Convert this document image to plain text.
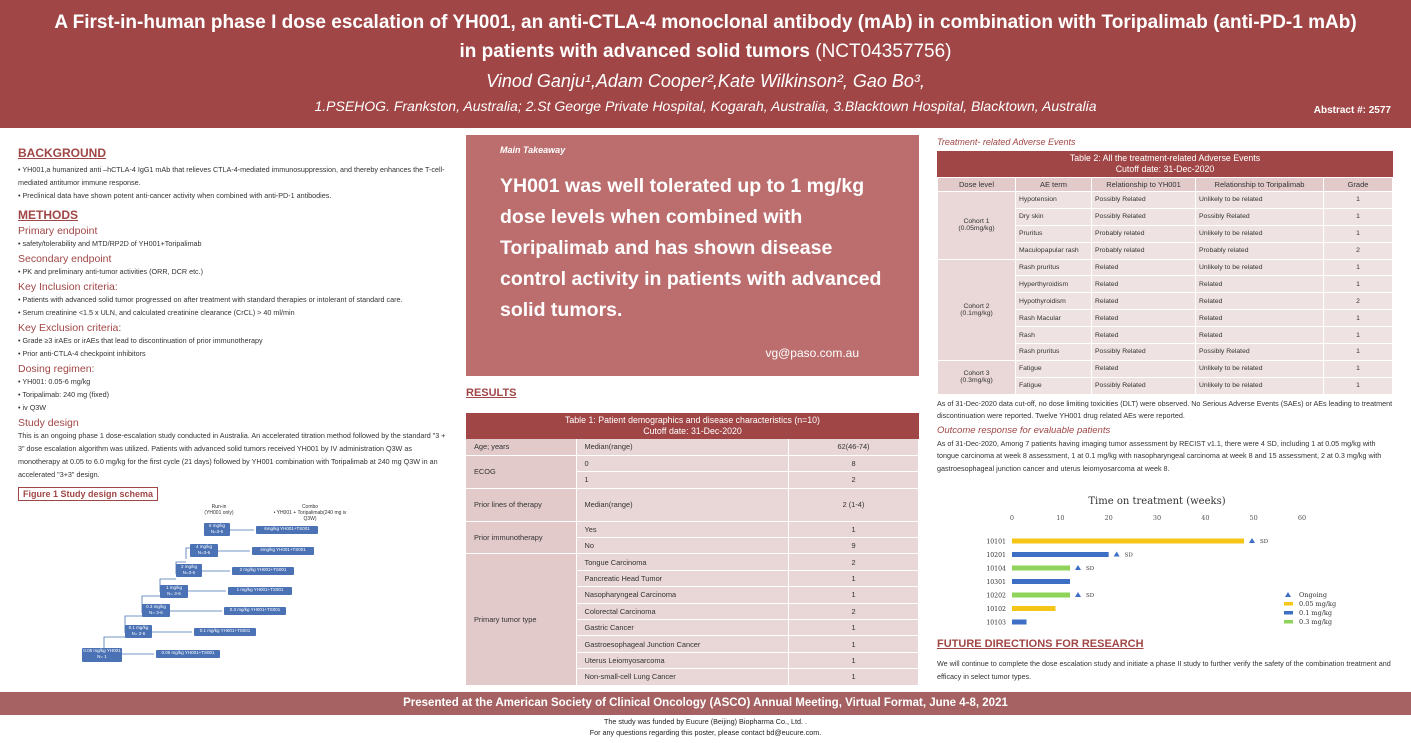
A First-in-human phase I dose escalation of YH001, an anti-CTLA-4 monoclonal antibody (mAb) in combination with Toripalimab (anti-PD-1 mAb)
in patients with advanced solid tumors (NCT04357756)
Vinod Ganju¹,Adam Cooper²,Kate Wilkinson², Gao Bo³,
1.PSEHOG. Frankston, Australia; 2.St George Private Hospital, Kogarah, Australia, 3.Blacktown Hospital, Blacktown, Australia	Abstract #: 2577
BACKGROUND
• YH001,a humanized anti –hCTLA-4 IgG1 mAb that relieves CTLA-4-mediated immunosuppression, and thereby enhances the T-cell-mediated antitumor immune response.
• Preclinical data have shown potent anti-cancer activity when combined with anti-PD-1 antibodies.
METHODS
Primary endpoint
• safety/tolerability and MTD/RP2D of YH001+Toripalimab
Secondary endpoint
• PK and preliminary anti-tumor activities (ORR, DCR etc.)
Key Inclusion criteria:
• Patients with advanced solid tumor progressed on after treatment with standard therapies or intolerant of standard care.
• Serum creatinine <1.5 x ULN, and calculated creatinine clearance (CrCL) > 40 ml/min
Key Exclusion criteria:
• Grade ≥3 irAEs or irAEs that lead to discontinuation of prior immunotherapy
• Prior anti-CTLA-4 checkpoint inhibitors
Dosing regimen:
• YH001: 0.05-6 mg/kg
• Toripalimab: 240 mg (fixed)
• iv Q3W
Study design
This is an ongoing phase 1 dose-escalation study conducted in Australia. An accelerated titration method followed by the standard "3 + 3" dose escalation algorithm was utilized. Patients with advanced solid tumors received YH001 by IV administration Q3W as monotherapy at 0.05 to 6.0 mg/kg for the first cycle (21 days) followed by YH001 combination with Toripalimab at 240 mg Q3W in an accelerated "3+3" design.
Figure 1 Study design schema
Run-in
(YH001 only)
Combo
• YH001 + Toripalimab(240 mg iv Q3W)
0.05 mg/kg YH001
N= 1
0.05 mg/kg YH001+TS001
0.1 mg/kg
N= 3-6
0.1 mg/kg YH001+TS001
0.3 mg/kg
N= 3-6
0.3 mg/kg YH001+TS001
1 mg/kg
N= 3-6
1 mg/kg YH001+TS001
2 mg/kg
N=3-6
2 mg/kg YH001+TS001
4 mg/kg
N=3-6
4mg/kg YH001+TS001
6 mg/kg
N=3-6
6mg/kg YH001+TS001
Main Takeaway
YH001 was well tolerated up to 1 mg/kg dose levels when combined with Toripalimab and has shown disease control activity in patients with advanced solid tumors.
vg@paso.com.au
RESULTS
Table 1: Patient demographics and disease characteristics (n=10)
Cutoff date: 31-Dec-2020
Age; years	Median(range)	62(46-74)
ECOG	0	8
	1	2
Prior lines of therapy	Median(range)	2 (1-4)
Prior immunotherapy	Yes	1
	No	9
Primary tumor type	Tongue Carcinoma	2
	Pancreatic Head Tumor	1
	Nasopharyngeal Carcinoma	1
	Colorectal Carcinoma	2
	Gastric Cancer	1
	Gastroesophageal Junction Cancer	1
	Uterus Leiomyosarcoma	1
	Non-small-cell Lung Cancer	1
Treatment- related Adverse Events
Table 2: All the treatment-related Adverse Events
Cutoff date: 31-Dec-2020
Dose level	AE term	Relationship to YH001	Relationship to Toripalimab	Grade

Cohort 1
(0.05mg/kg)	Hypotension	Possibly Related	Unlikely to be related	1
	Dry skin	Possibly Related	Possibly Related	1
	Pruritus	Probably related	Unlikely to be related	1
	Maculopapular rash	Probably related	Probably related	2

Cohort 2
(0.1mg/kg)	Rash pruritus	Related	Unlikely to be related	1
	Hyperthyroidism	Related	Related	1
	Hypothyroidism	Related	Related	2
	Rash Macular	Related	Related	1
	Rash	Related	Related	1
	Rash pruritus	Possibly Related	Possibly Related	1

Cohort 3
(0.3mg/kg)	Fatigue	Related	Unlikely to be related	1
	Fatigue	Possibly Related	Unlikely to be related	1
As of 31-Dec-2020 data cut-off, no dose limiting toxicities (DLT) were observed. No Serious Adverse Events (SAEs) or AEs leading to treatment discontinuation were reported. Twelve YH001 drug related AEs were reported.
Outcome response for evaluable patients
As of 31-Dec-2020, Among 7 patients having imaging tumor assessment by RECIST v1.1, there were 4 SD, including 1 at 0.05 mg/kg with tongue carcinoma at week 8 assessment, 1 at 0.1 mg/kg with nasopharyngeal carcinoma at week 8 and 15 assessment, 2 at 0.3 mg/kg with gastroesophageal junction cancer and uterus leiomyosarcoma at week 8.
Time on treatment (weeks)
0	10	20	30	40	50	60
10101	SD
10201	SD
10104	SD
10301
10202	SD
10102
10103
Ongoing
0.05 mg/kg
0.1 mg/kg
0.3 mg/kg
FUTURE DIRECTIONS FOR RESEARCH
We will continue to complete the dose escalation study and initiate a phase II study to further verify the safety of the combination treatment and efficacy in select tumor types.
Presented at the American Society of Clinical Oncology (ASCO) Annual Meeting, Virtual Format, June 4-8, 2021
The study was funded by Eucure (Beijing) Biopharma Co., Ltd. .
For any questions regarding this poster, please contact bd@eucure.com.
